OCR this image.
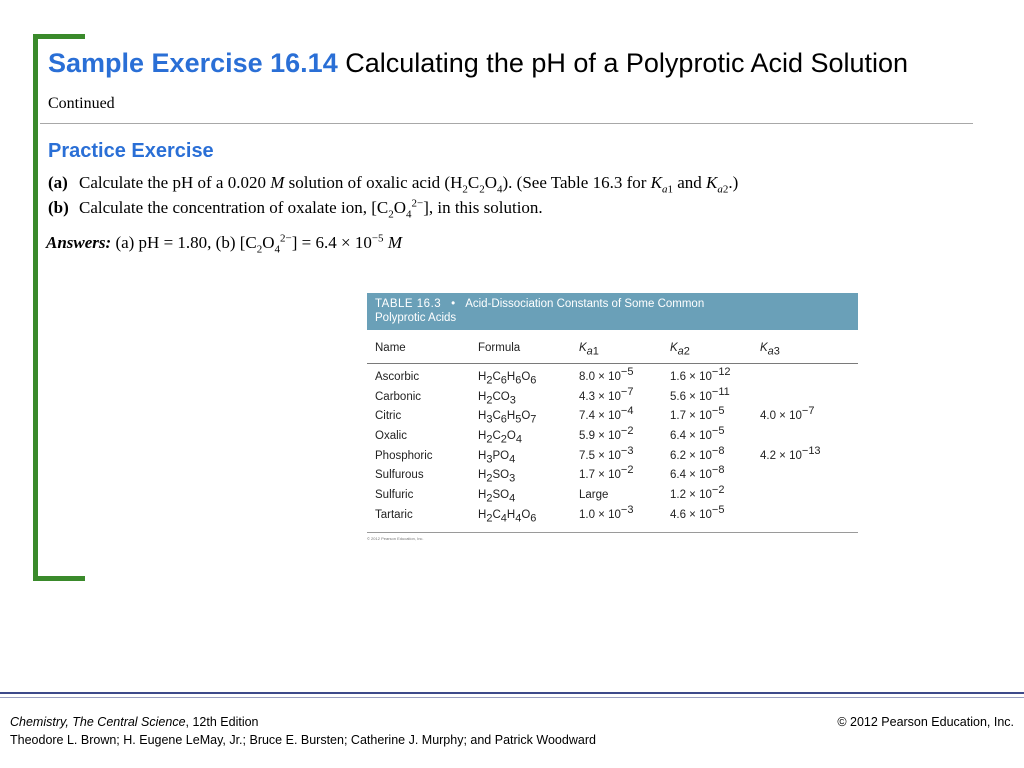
Sample Exercise 16.14 Calculating the pH of a Polyprotic Acid Solution
Continued
Practice Exercise
(a) Calculate the pH of a 0.020 M solution of oxalic acid $(H_2C_2O_4)$. (See Table 16.3 for $K_{a1}$ and $K_{a2}$.)
(b) Calculate the concentration of oxalate ion, $[C_2O_4^{2-}]$, in this solution.
Answers: (a) pH = 1.80, (b) $[C_2O_4^{2-}] = 6.4 \times 10^{-5}$ M
TABLE 16.3 • Acid-Dissociation Constants of Some Common
Polyprotic Acids
Name	Formula	$K_{a1}$	$K_{a2}$	$K_{a3}$
Ascorbic	$H_2C_6H_6O_6$	$8.0 \times 10^{-5}$	$1.6 \times 10^{-12}$
Carbonic	$H_2CO_3$	$4.3 \times 10^{-7}$	$5.6 \times 10^{-11}$
Citric	$H_3C_6H_5O_7$	$7.4 \times 10^{-4}$	$1.7 \times 10^{-5}$	$4.0 \times 10^{-7}$
Oxalic	$H_2C_2O_4$	$5.9 \times 10^{-2}$	$6.4 \times 10^{-5}$
Phosphoric	$H_3PO_4$	$7.5 \times 10^{-3}$	$6.2 \times 10^{-8}$	$4.2 \times 10^{-13}$
Sulfurous	$H_2SO_3$	$1.7 \times 10^{-2}$	$6.4 \times 10^{-8}$
Sulfuric	$H_2SO_4$	Large	$1.2 \times 10^{-2}$
Tartaric	$H_2C_4H_4O_6$	$1.0 \times 10^{-3}$	$4.6 \times 10^{-5}$
© 2012 Pearson Education, Inc.
Chemistry, The Central Science, 12th Edition
Theodore L. Brown; H. Eugene LeMay, Jr.; Bruce E. Bursten; Catherine J. Murphy; and Patrick Woodward
© 2012 Pearson Education, Inc.
